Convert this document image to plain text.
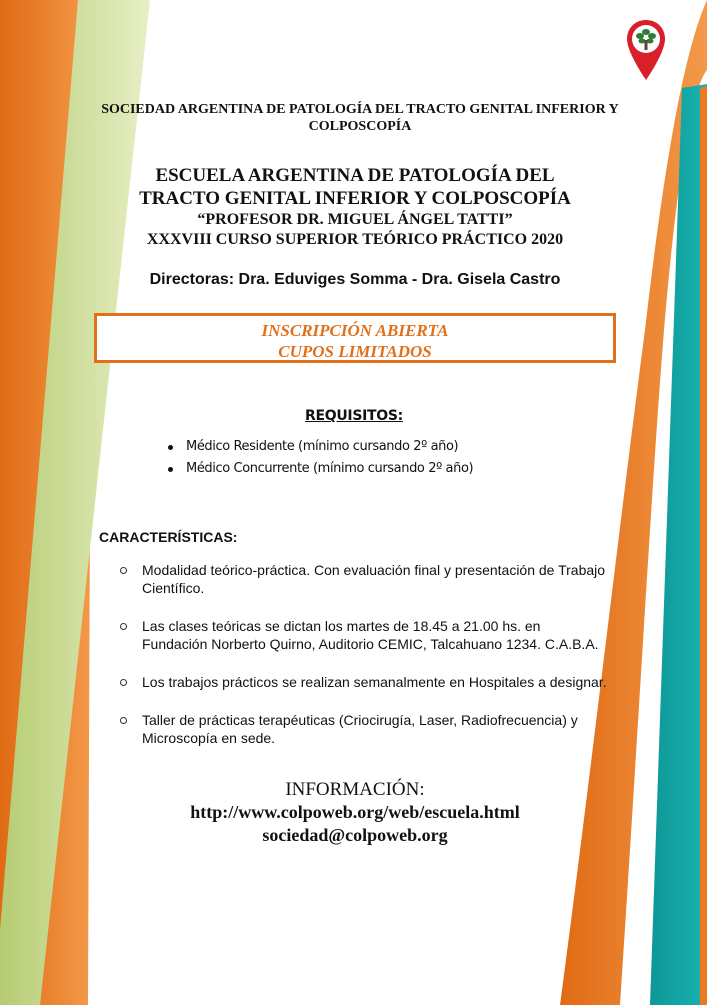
SOCIEDAD ARGENTINA DE PATOLOGÍA DEL TRACTO GENITAL INFERIOR Y COLPOSCOPÍA
ESCUELA ARGENTINA DE PATOLOGÍA DEL
TRACTO GENITAL INFERIOR Y COLPOSCOPÍA
“PROFESOR DR. MIGUEL ÁNGEL TATTI”
XXXVIII CURSO SUPERIOR TEÓRICO PRÁCTICO 2020
Directoras: Dra. Eduviges Somma - Dra. Gisela Castro
INSCRIPCIÓN ABIERTA
CUPOS LIMITADOS
REQUISITOS:
Médico Residente (mínimo cursando 2º año)
Médico Concurrente (mínimo cursando 2º año)
CARACTERÍSTICAS:
Modalidad teórico-práctica. Con evaluación final y presentación de Trabajo Científico.
Las clases teóricas se dictan los martes de 18.45 a 21.00 hs. en Fundación Norberto Quirno, Auditorio CEMIC, Talcahuano 1234. C.A.B.A.
Los trabajos prácticos se realizan semanalmente en Hospitales a designar.
Taller de prácticas terapéuticas (Criocirugía, Laser, Radiofrecuencia) y Microscopía en sede.
INFORMACIÓN:
http://www.colpoweb.org/web/escuela.html
sociedad@colpoweb.org
